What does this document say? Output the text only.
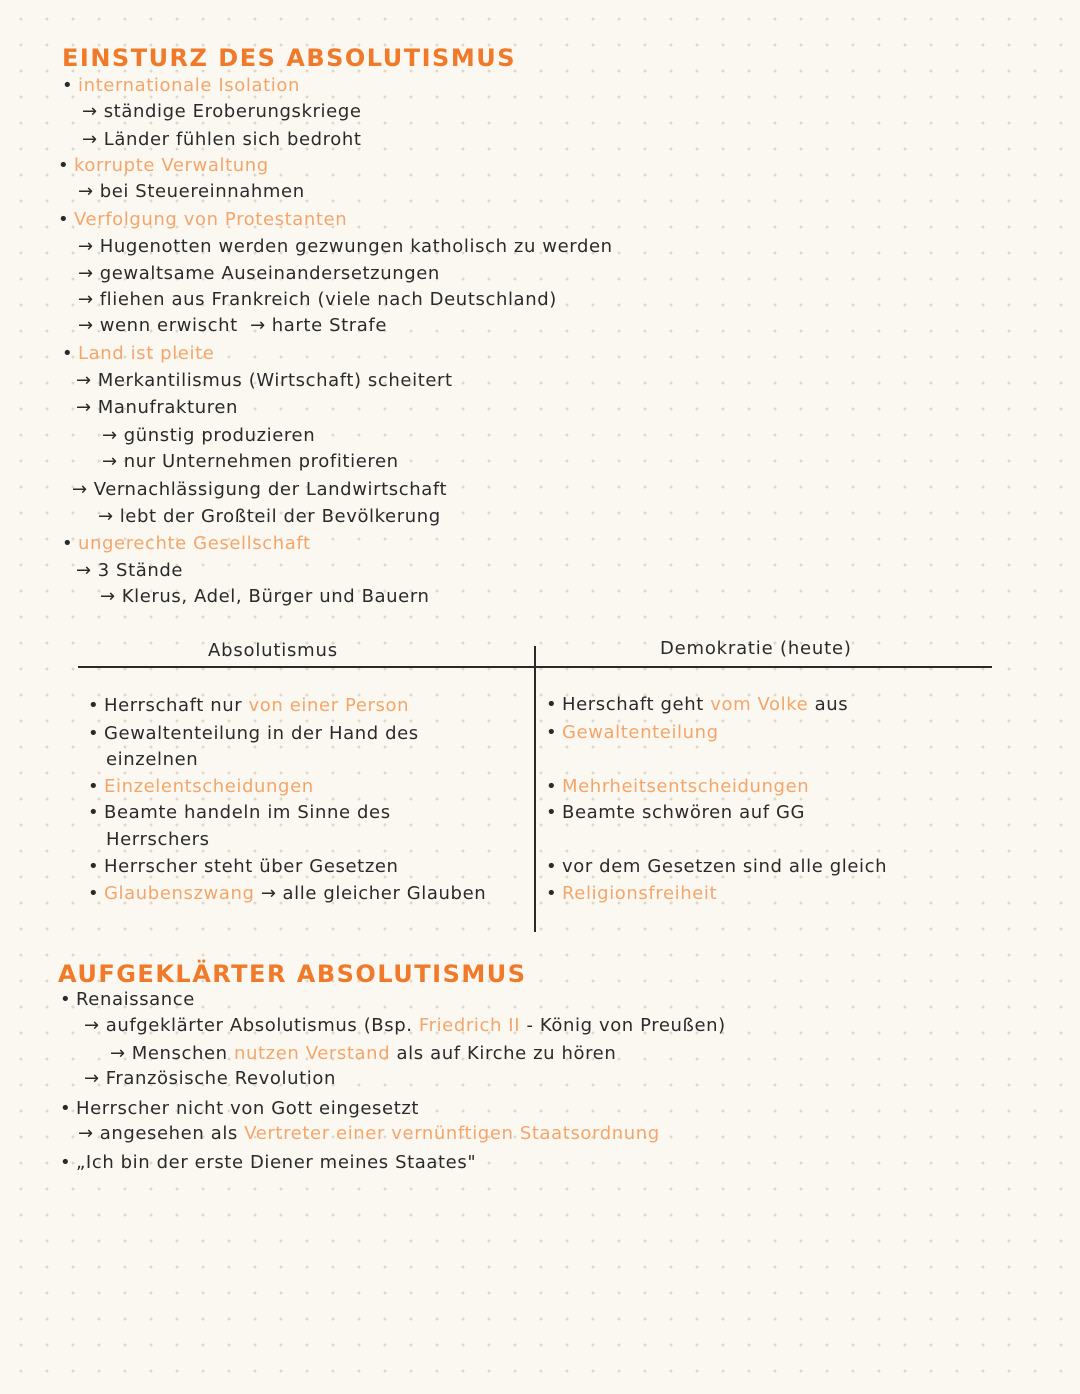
EINSTURZ DES ABSOLUTISMUS
• internationale Isolation
→ ständige Eroberungskriege
→ Länder fühlen sich bedroht
• korrupte Verwaltung
→ bei Steuereinnahmen
• Verfolgung von Protestanten
→ Hugenotten werden gezwungen katholisch zu werden
→ gewaltsame Auseinandersetzungen
→ fliehen aus Frankreich (viele nach Deutschland)
→ wenn erwischt → harte Strafe
• Land ist pleite
→ Merkantilismus (Wirtschaft) scheitert
→ Manufrakturen
→ günstig produzieren
→ nur Unternehmen profitieren
→ Vernachlässigung der Landwirtschaft
→ lebt der Großteil der Bevölkerung
• ungerechte Gesellschaft
→ 3 Stände
→ Klerus, Adel, Bürger und Bauern
Absolutismus	Demokratie (heute)
• Herrschaft nur von einer Person
• Gewaltenteilung in der Hand des
einzelnen
• Einzelentscheidungen
• Beamte handeln im Sinne des
Herrschers
• Herrscher steht über Gesetzen
• Glaubenszwang → alle gleicher Glauben
• Herschaft geht vom Volke aus
• Gewaltenteilung
• Mehrheitsentscheidungen
• Beamte schwören auf GG
• vor dem Gesetzen sind alle gleich
• Religionsfreiheit
AUFGEKLÄRTER ABSOLUTISMUS
• Renaissance
→ aufgeklärter Absolutismus (Bsp. Friedrich II - König von Preußen)
→ Menschen nutzen Verstand als auf Kirche zu hören
→ Französische Revolution
• Herrscher nicht von Gott eingesetzt
→ angesehen als Vertreter einer vernünftigen Staatsordnung
• „Ich bin der erste Diener meines Staates"
